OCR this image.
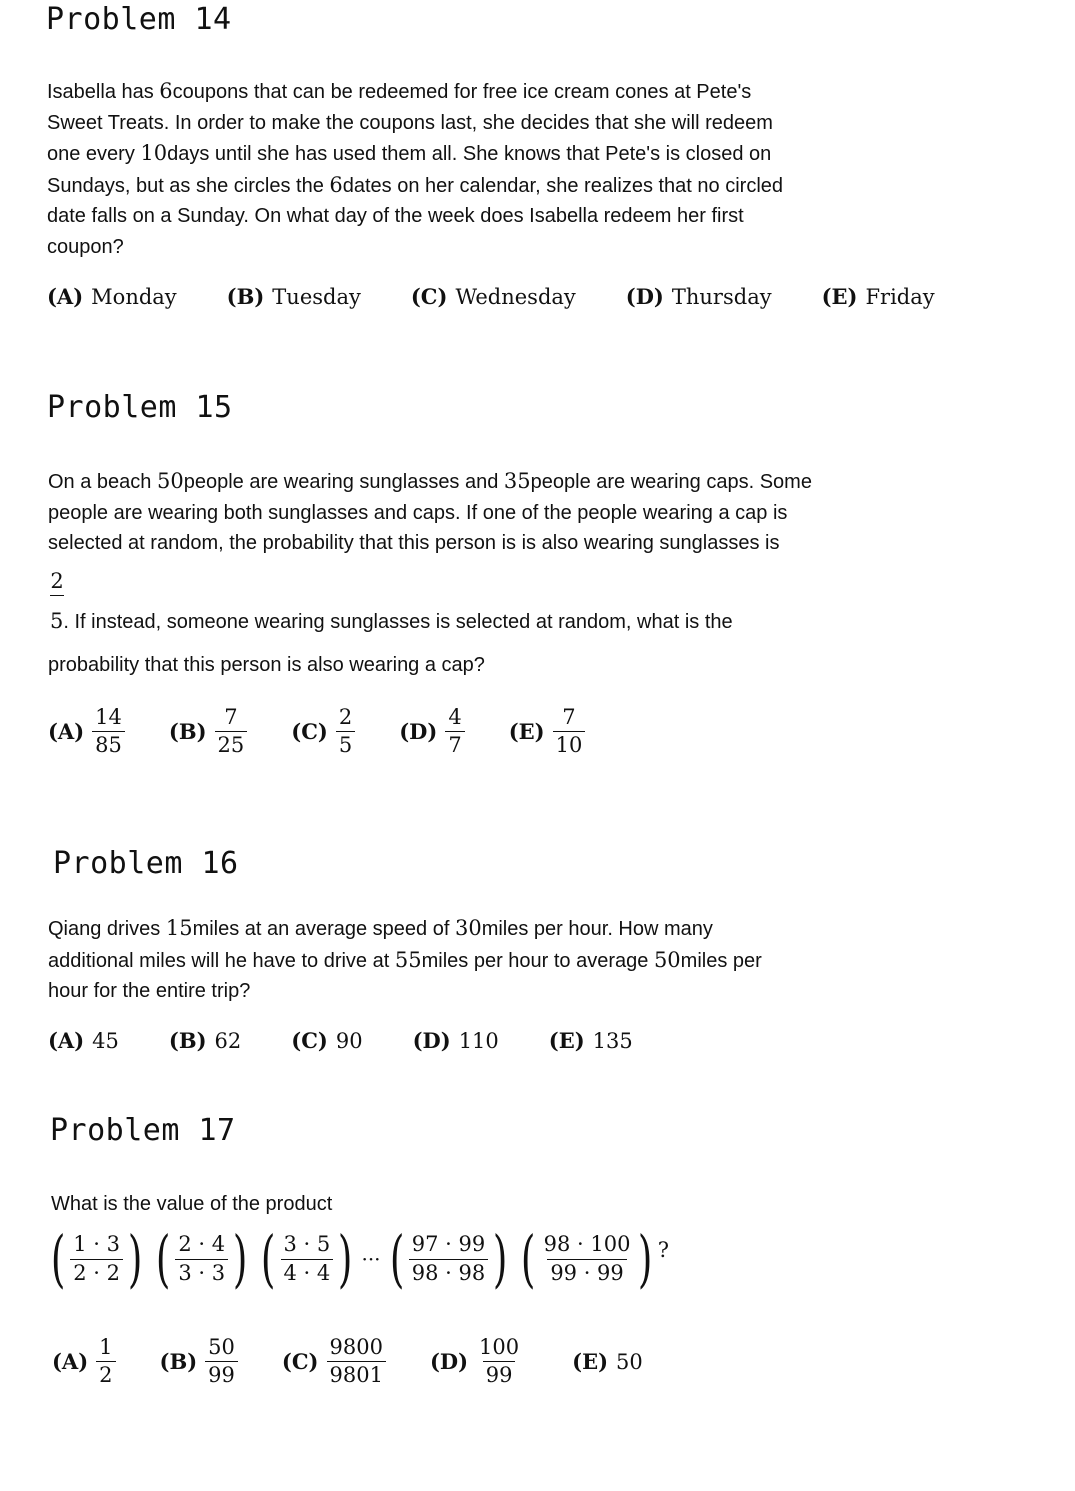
Problem 14
Isabella has 6coupons that can be redeemed for free ice cream cones at Pete's
Sweet Treats. In order to make the coupons last, she decides that she will redeem
one every 10days until she has used them all. She knows that Pete's is closed on
Sundays, but as she circles the 6dates on her calendar, she realizes that no circled
date falls on a Sunday. On what day of the week does Isabella redeem her first
coupon?
(A) Monday (B) Tuesday (C) Wednesday (D) Thursday (E) Friday
Problem 15
On a beach 50people are wearing sunglasses and 35people are wearing caps. Some
people are wearing both sunglasses and caps. If one of the people wearing a cap is
selected at random, the probability that this person is is also wearing sunglasses is
2
5. If instead, someone wearing sunglasses is selected at random, what is the
probability that this person is also wearing a cap?
$(A) \frac{14}{85} (B) \frac{7}{25} (C) \frac{2}{5} (D) \frac{4}{7} (E) \frac{7}{10}$
Problem 16
Qiang drives 15miles at an average speed of 30miles per hour. How many
additional miles will he have to drive at 55miles per hour to average 50miles per
hour for the entire trip?
(A) 45 (B) 62 (C) 90 (D) 110 (E) 135
Problem 17
What is the value of the product
( $\frac{1 \cdot 3}{2 \cdot 2}$ ) ( $\frac{2 \cdot 4}{3 \cdot 3}$ ) ( $\frac{3 \cdot 5}{4 \cdot 4}$ ) ··· ( $\frac{97 \cdot 99}{98 \cdot 98}$ ) ( $\frac{98 \cdot 100}{99 \cdot 99}$ ) ?
$(A) \frac{1}{2} (B) \frac{50}{99} (C) \frac{9800}{9801} (D) \frac{100}{99} (E)$ 50
